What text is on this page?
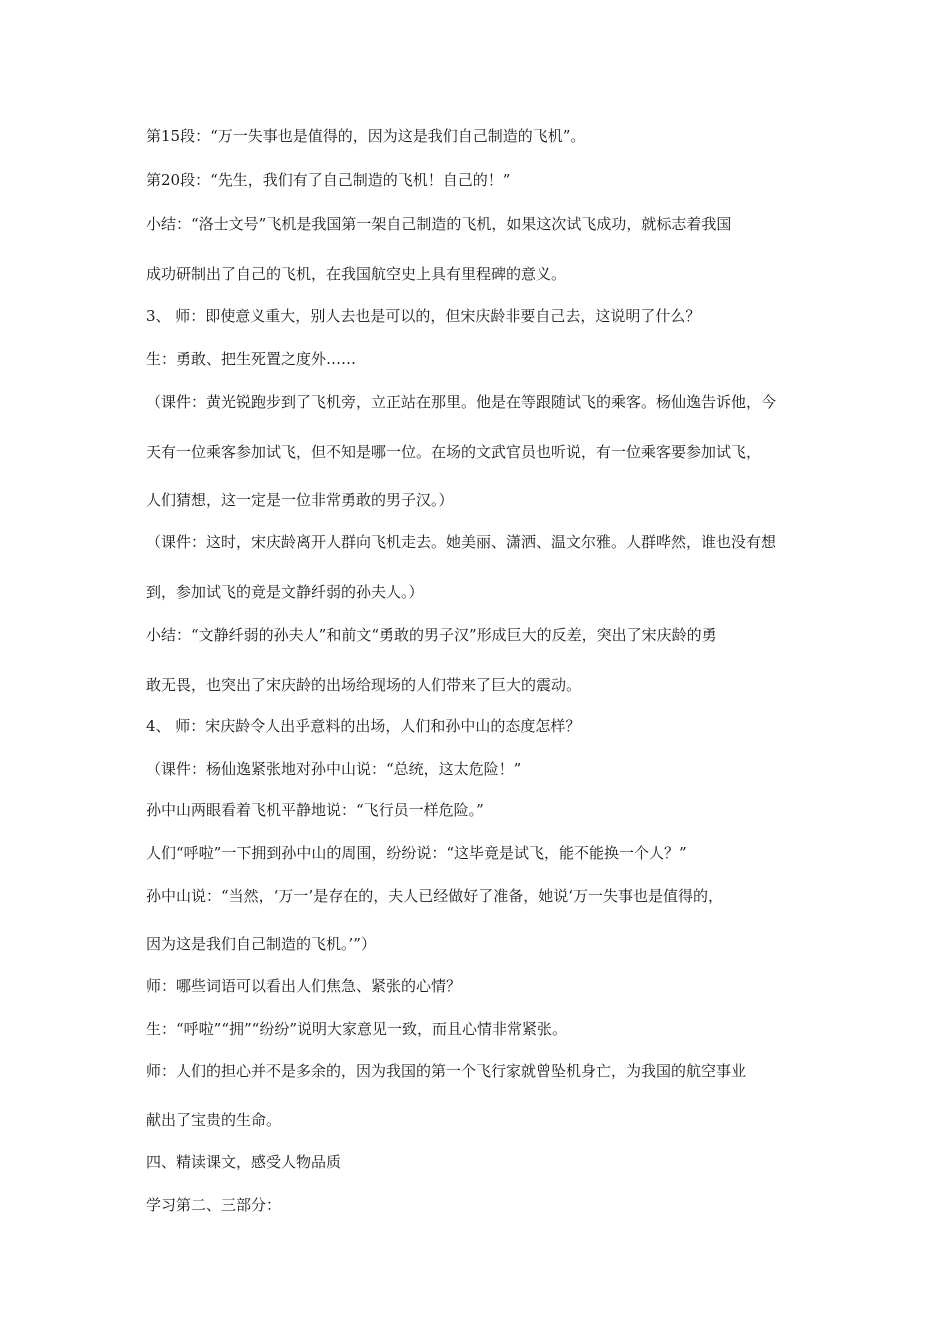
第15段：“万一失事也是值得的，因为这是我们自己制造的飞机”。
第20段：“先生，我们有了自己制造的飞机！自己的！”
小结：“洛士文号”飞机是我国第一架自己制造的飞机，如果这次试飞成功，就标志着我国
成功研制出了自己的飞机，在我国航空史上具有里程碑的意义。
3、 师：即使意义重大，别人去也是可以的，但宋庆龄非要自己去，这说明了什么？
生：勇敢、把生死置之度外……
（课件：黄光锐跑步到了飞机旁，立正站在那里。他是在等跟随试飞的乘客。杨仙逸告诉他，今
天有一位乘客参加试飞，但不知是哪一位。在场的文武官员也听说，有一位乘客要参加试飞，
人们猜想，这一定是一位非常勇敢的男子汉。）
（课件：这时，宋庆龄离开人群向飞机走去。她美丽、潇洒、温文尔雅。人群哗然，谁也没有想
到，参加试飞的竟是文静纤弱的孙夫人。）
小结：“文静纤弱的孙夫人”和前文“勇敢的男子汉”形成巨大的反差，突出了宋庆龄的勇
敢无畏，也突出了宋庆龄的出场给现场的人们带来了巨大的震动。
4、 师：宋庆龄令人出乎意料的出场，人们和孙中山的态度怎样？
（课件：杨仙逸紧张地对孙中山说：“总统，这太危险！”
孙中山两眼看着飞机平静地说：“飞行员一样危险。”
人们“呼啦”一下拥到孙中山的周围，纷纷说：“这毕竟是试飞，能不能换一个人？”
孙中山说：“当然，‘万一’是存在的，夫人已经做好了准备，她说‘万一失事也是值得的，
因为这是我们自己制造的飞机。’”）
师：哪些词语可以看出人们焦急、紧张的心情？
生：“呼啦”“拥”“纷纷”说明大家意见一致，而且心情非常紧张。
师：人们的担心并不是多余的，因为我国的第一个飞行家就曾坠机身亡，为我国的航空事业
献出了宝贵的生命。
四、精读课文，感受人物品质
学习第二、三部分：
